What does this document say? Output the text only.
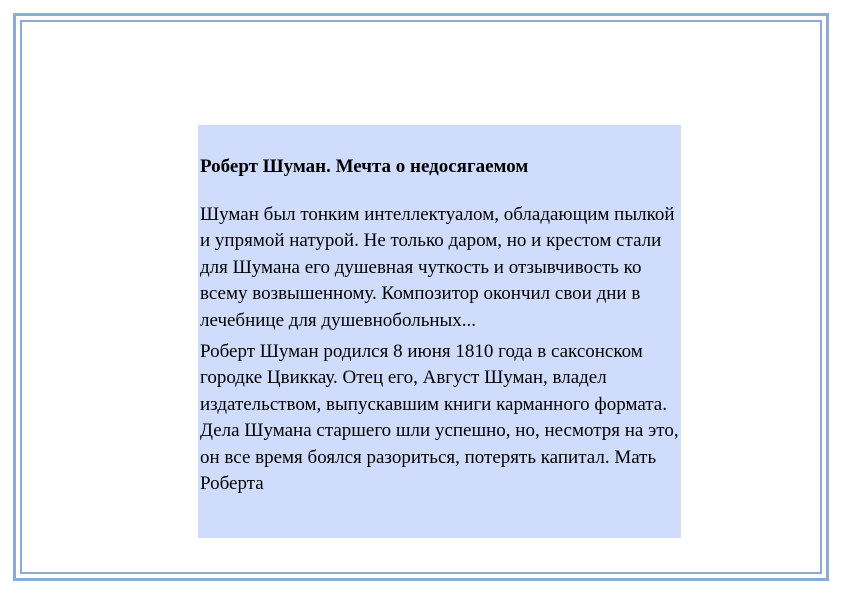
Роберт Шуман. Мечта о недосягаемом

Шуман был тонким интеллектуалом, обладающим пылкой и упрямой натурой. Не только даром, но и крестом стали для Шумана его душевная чуткость и отзывчивость ко всему возвышенному. Композитор окончил свои дни в лечебнице для душевнобольных...

Роберт Шуман родился 8 июня 1810 года в саксонском городке Цвиккау. Отец его, Август Шуман, владел издательством, выпускавшим книги карманного формата. Дела Шумана старшего шли успешно, но, несмотря на это, он все время боялся разориться, потерять капитал. Мать Роберта
